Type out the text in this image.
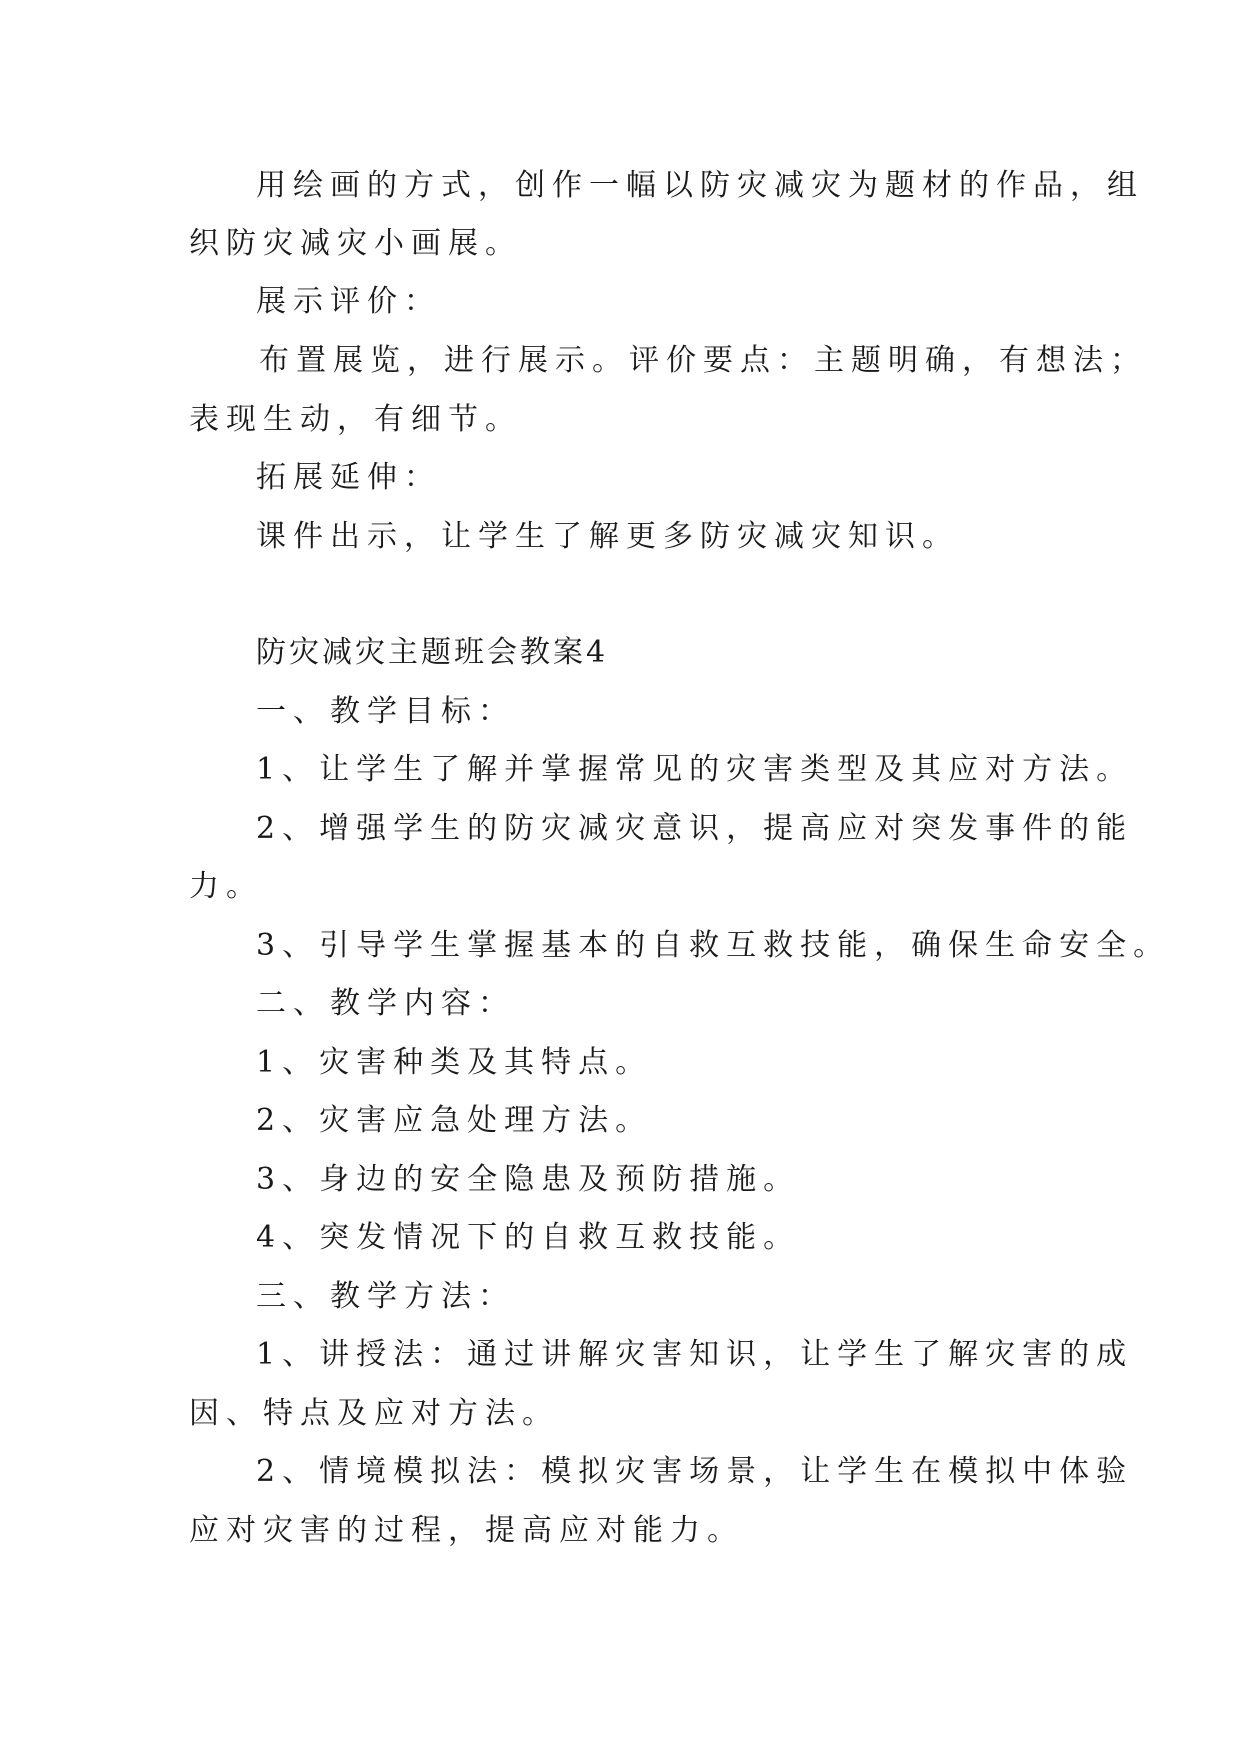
用绘画的方式，创作一幅以防灾减灾为题材的作品，组
织防灾减灾小画展。
展示评价：
布置展览，进行展示。评价要点：主题明确，有想法；
表现生动，有细节。
拓展延伸：
课件出示，让学生了解更多防灾减灾知识。
防灾减灾主题班会教案4
一、教学目标：
1、让学生了解并掌握常见的灾害类型及其应对方法。
2、增强学生的防灾减灾意识，提高应对突发事件的能
力。
3、引导学生掌握基本的自救互救技能，确保生命安全。
二、教学内容：
1、灾害种类及其特点。
2、灾害应急处理方法。
3、身边的安全隐患及预防措施。
4、突发情况下的自救互救技能。
三、教学方法：
1、讲授法：通过讲解灾害知识，让学生了解灾害的成
因、特点及应对方法。
2、情境模拟法：模拟灾害场景，让学生在模拟中体验
应对灾害的过程，提高应对能力。
